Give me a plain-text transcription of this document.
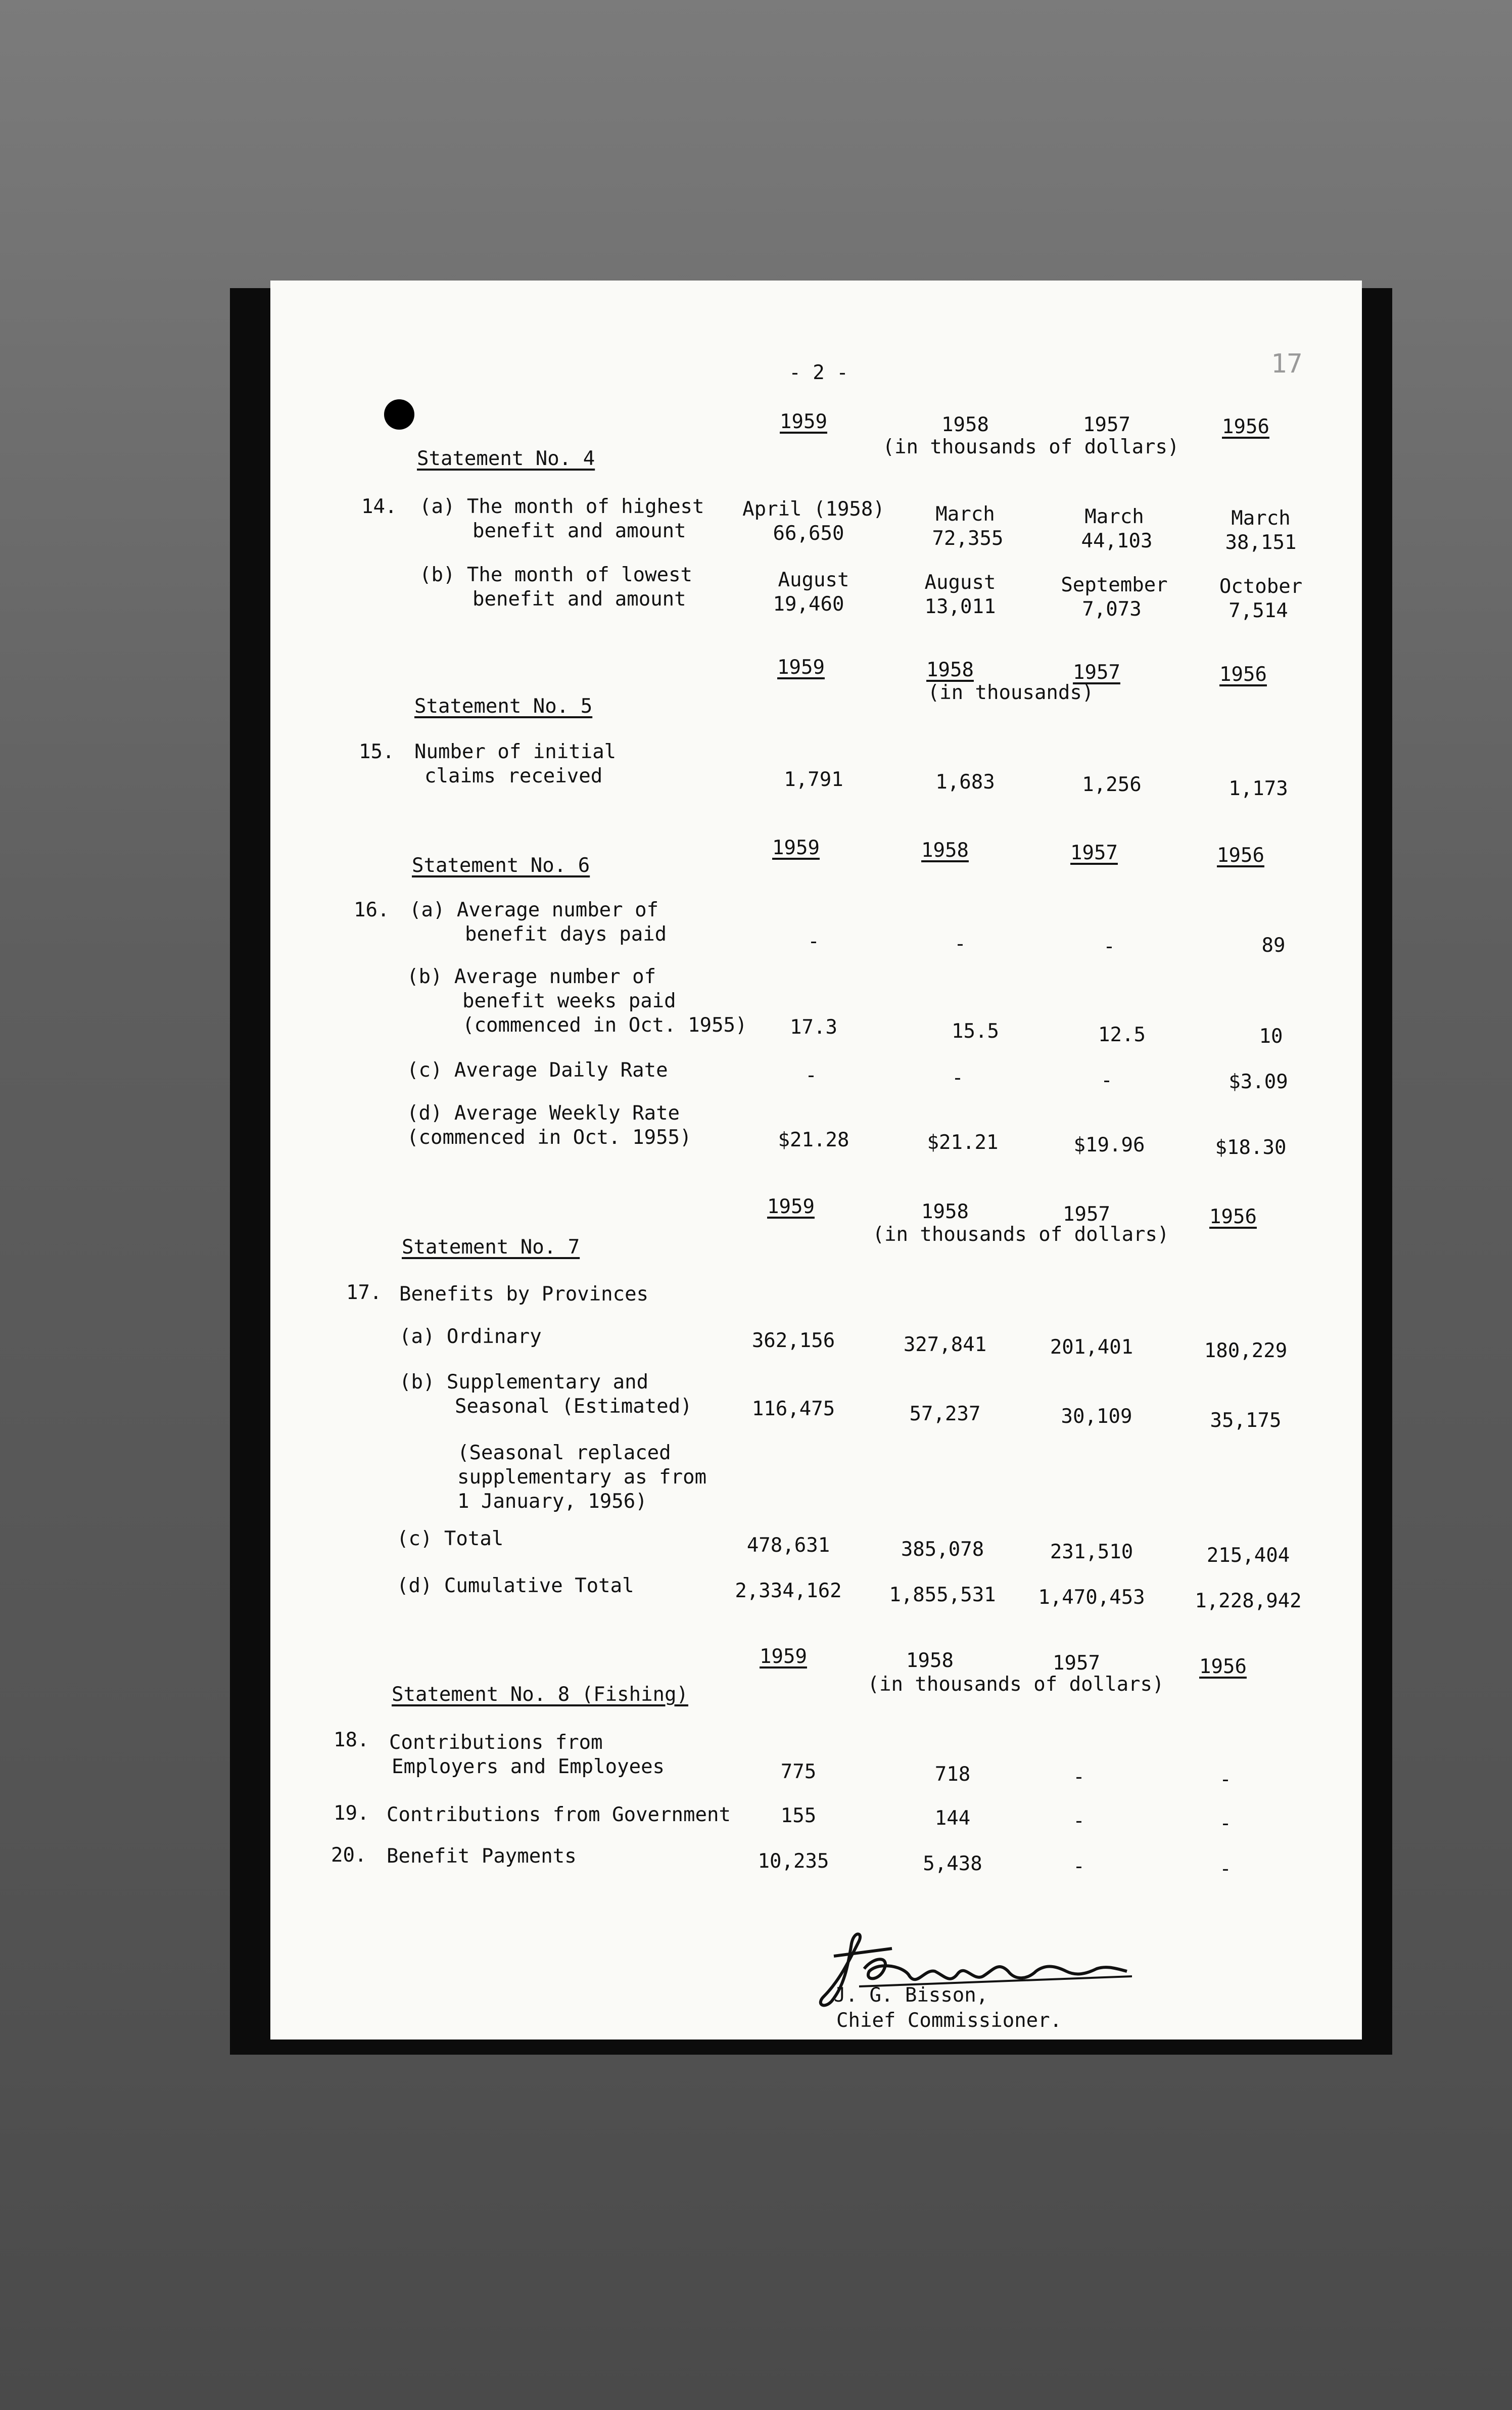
17
- 2 -
1959	1958	1957	1956
(in thousands of dollars)
Statement No. 4
14. (a) The month of highest
benefit and amount
April (1958)	March	March	March
66,650	72,355	44,103	38,151
(b) The month of lowest
benefit and amount
August	August	September	October
19,460	13,011	7,073	7,514
1959	1958	1957	1956
(in thousands)
Statement No. 5
15. Number of initial
claims received	1,791	1,683	1,256	1,173
Statement No. 6
1959	1958	1957	1956
16. (a) Average number of
benefit days paid	-	-	-	89
(b) Average number of
benefit weeks paid
(commenced in Oct. 1955)	17.3	15.5	12.5	10
(c) Average Daily Rate	-	-	-	$3.09
(d) Average Weekly Rate
(commenced in Oct. 1955)	$21.28	$21.21	$19.96	$18.30
1959	1958	1957	1956
(in thousands of dollars)
Statement No. 7
17. Benefits by Provinces
(a) Ordinary	362,156	327,841	201,401	180,229
(b) Supplementary and
Seasonal (Estimated)	116,475	57,237	30,109	35,175
(Seasonal replaced
supplementary as from
1 January, 1956)
(c) Total	478,631	385,078	231,510	215,404
(d) Cumulative Total	2,334,162	1,855,531	1,470,453	1,228,942
1959	1958	1957	1956
(in thousands of dollars)
Statement No. 8 (Fishing)
18. Contributions from
Employers and Employees	775	718	-	-
19. Contributions from Government	155	144	-	-
20. Benefit Payments	10,235	5,438	-	-
J. G. Bisson,
Chief Commissioner.
